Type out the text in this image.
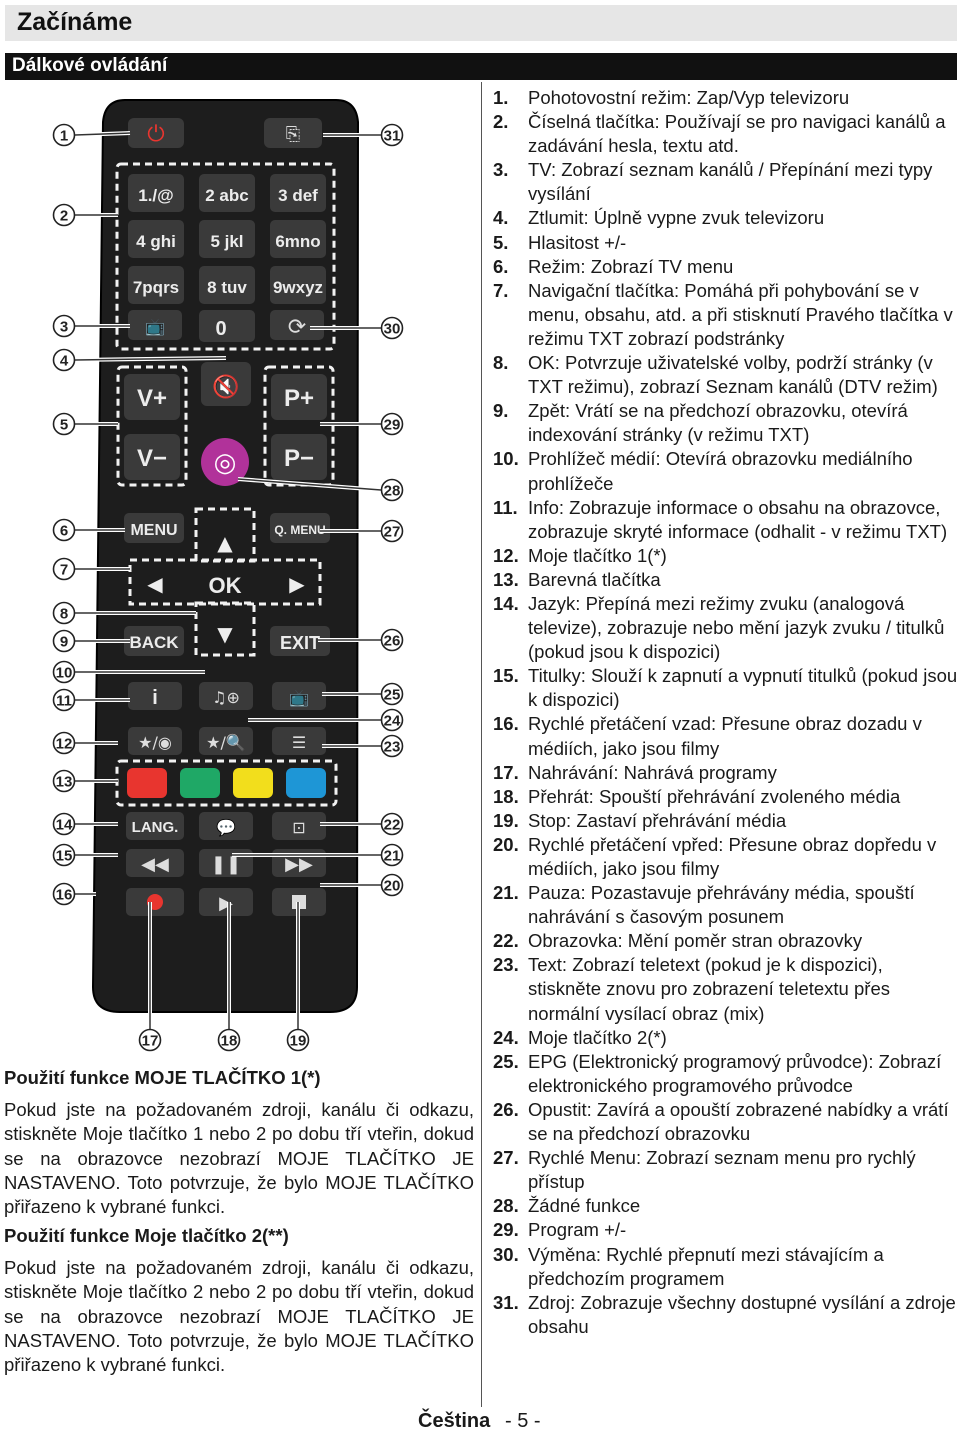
Začínáme
Dálkové ovládání
⏻	⎘
1./@ 2 abc 3 def
4 ghi 5 jkl 6mno
7pqrs 8 tuv 9wxyz
0
📺	⟳
🔇
V+
V−
P+
P−
◎
MENU	Q. MENU
▲
◀ OK ▶
▼
BACK	EXIT
i	♫⊕	📺
★/◉ ★/🔍	☰
LANG. 💬	⊡
◀◀ ❚❚ ▶▶
▶
1
2
3
4
5
6
7
8
9
10
11
12
13
14
15
16
31
30
29
28
27
26
25
24
23
22
21
20
17	18	19
1. Pohotovostní režim: Zap/Vyp televizoru
2. Číselná tlačítka: Používají se pro navigaci kanálů a zadávání hesla, textu atd.
3. TV: Zobrazí seznam kanálů / Přepínání mezi typy vysílání
4. Ztlumit: Úplně vypne zvuk televizoru
5. Hlasitost +/-
6. Režim: Zobrazí TV menu
7. Navigační tlačítka: Pomáhá při pohybování se v menu, obsahu, atd. a při stisknutí Pravého tlačítka v režimu TXT zobrazí podstránky
8. OK: Potvrzuje uživatelské volby, podrží stránky (v TXT režimu), zobrazí Seznam kanálů (DTV režim)
9. Zpět: Vrátí se na předchozí obrazovku, otevírá indexování stránky (v režimu TXT)
10. Prohlížeč médií: Otevírá obrazovku mediálního prohlížeče
11. Info: Zobrazuje informace o obsahu na obrazovce, zobrazuje skryté informace (odhalit - v režimu TXT)
12. Moje tlačítko 1(*)
13. Barevná tlačítka
14. Jazyk: Přepíná mezi režimy zvuku (analogová televize), zobrazuje nebo mění jazyk zvuku / titulků (pokud jsou k dispozici)
15. Titulky: Slouží k zapnutí a vypnutí titulků (pokud jsou k dispozici)
16. Rychlé přetáčení vzad: Přesune obraz dozadu v médiích, jako jsou filmy
17. Nahrávání: Nahrává programy
18. Přehrát: Spouští přehrávání zvoleného média
19. Stop: Zastaví přehrávání média
20. Rychlé přetáčení vpřed: Přesune obraz dopředu v médiích, jako jsou filmy
21. Pauza: Pozastavuje přehrávány média, spouští nahrávání s časovým posunem
22. Obrazovka: Mění poměr stran obrazovky
23. Text: Zobrazí teletext (pokud je k dispozici), stiskněte znovu pro zobrazení teletextu přes normální vysílací obraz (mix)
24. Moje tlačítko 2(*)
25. EPG (Elektronický programový průvodce): Zobrazí elektronického programového průvodce
26. Opustit: Zavírá a opouští zobrazené nabídky a vrátí se na předchozí obrazovku
27. Rychlé Menu: Zobrazí seznam menu pro rychlý přístup
28. Žádné funkce
29. Program +/-
30. Výměna: Rychlé přepnutí mezi stávajícím a předchozím programem
31. Zdroj: Zobrazuje všechny dostupné vysílání a zdroje obsahu
Použití funkce MOJE TLAČÍTKO 1(*)
Pokud jste na požadovaném zdroji, kanálu či odkazu, stiskněte Moje tlačítko 1 nebo 2 po dobu tří vteřin, dokud se na obrazovce nezobrazí MOJE TLAČÍTKO JE NASTAVENO. Toto potvrzuje, že bylo MOJE TLAČÍTKO přiřazeno k vybrané funkci.
Použití funkce Moje tlačítko 2(**)
Pokud jste na požadovaném zdroji, kanálu či odkazu, stiskněte Moje tlačítko 2 nebo 2 po dobu tří vteřin, dokud se na obrazovce nezobrazí MOJE TLAČÍTKO JE NASTAVENO. Toto potvrzuje, že bylo MOJE TLAČÍTKO přiřazeno k vybrané funkci.
Čeština - 5 -
